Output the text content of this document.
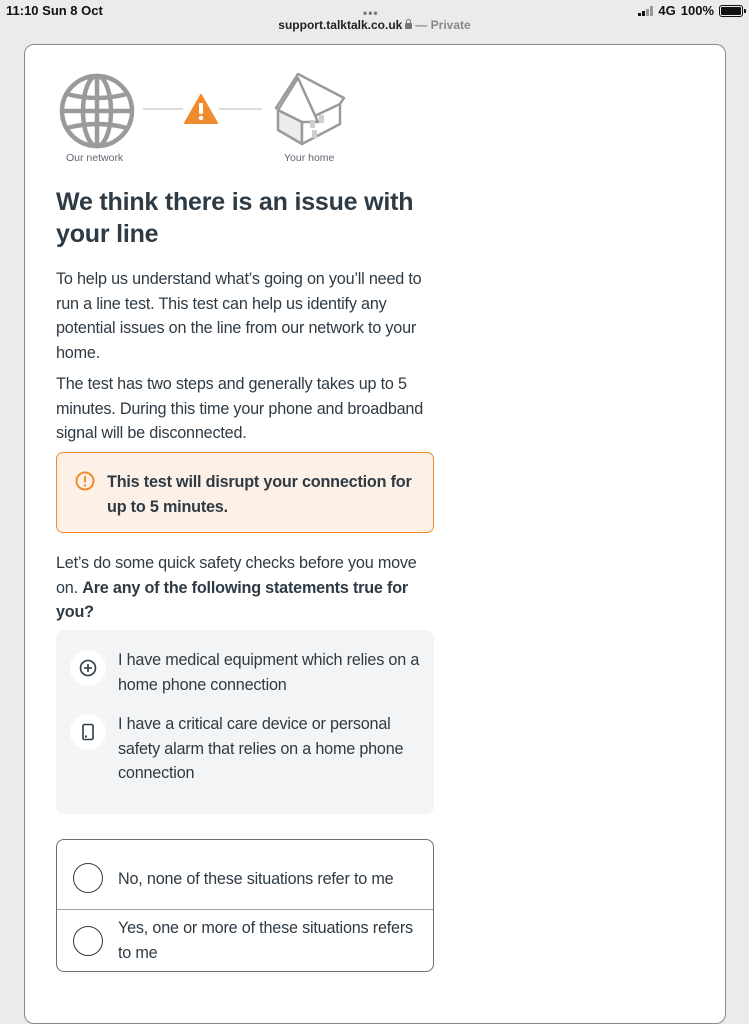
11:10 Sun 8 Oct	•••	4G 100%
support.talktalk.co.uk — Private
Our network	Your home
We think there is an issue with your line

To help us understand what’s going on you’ll need to run a line test. This test can help us identify any potential issues on the line from our network to your home.

The test has two steps and generally takes up to 5 minutes. During this time your phone and broadband signal will be disconnected.

This test will disrupt your connection for up to 5 minutes.

Let’s do some quick safety checks before you move on. Are any of the following statements true for you?

I have medical equipment which relies on a home phone connection
I have a critical care device or personal safety alarm that relies on a home phone connection
No, none of these situations refer to me
Yes, one or more of these situations refers to me
